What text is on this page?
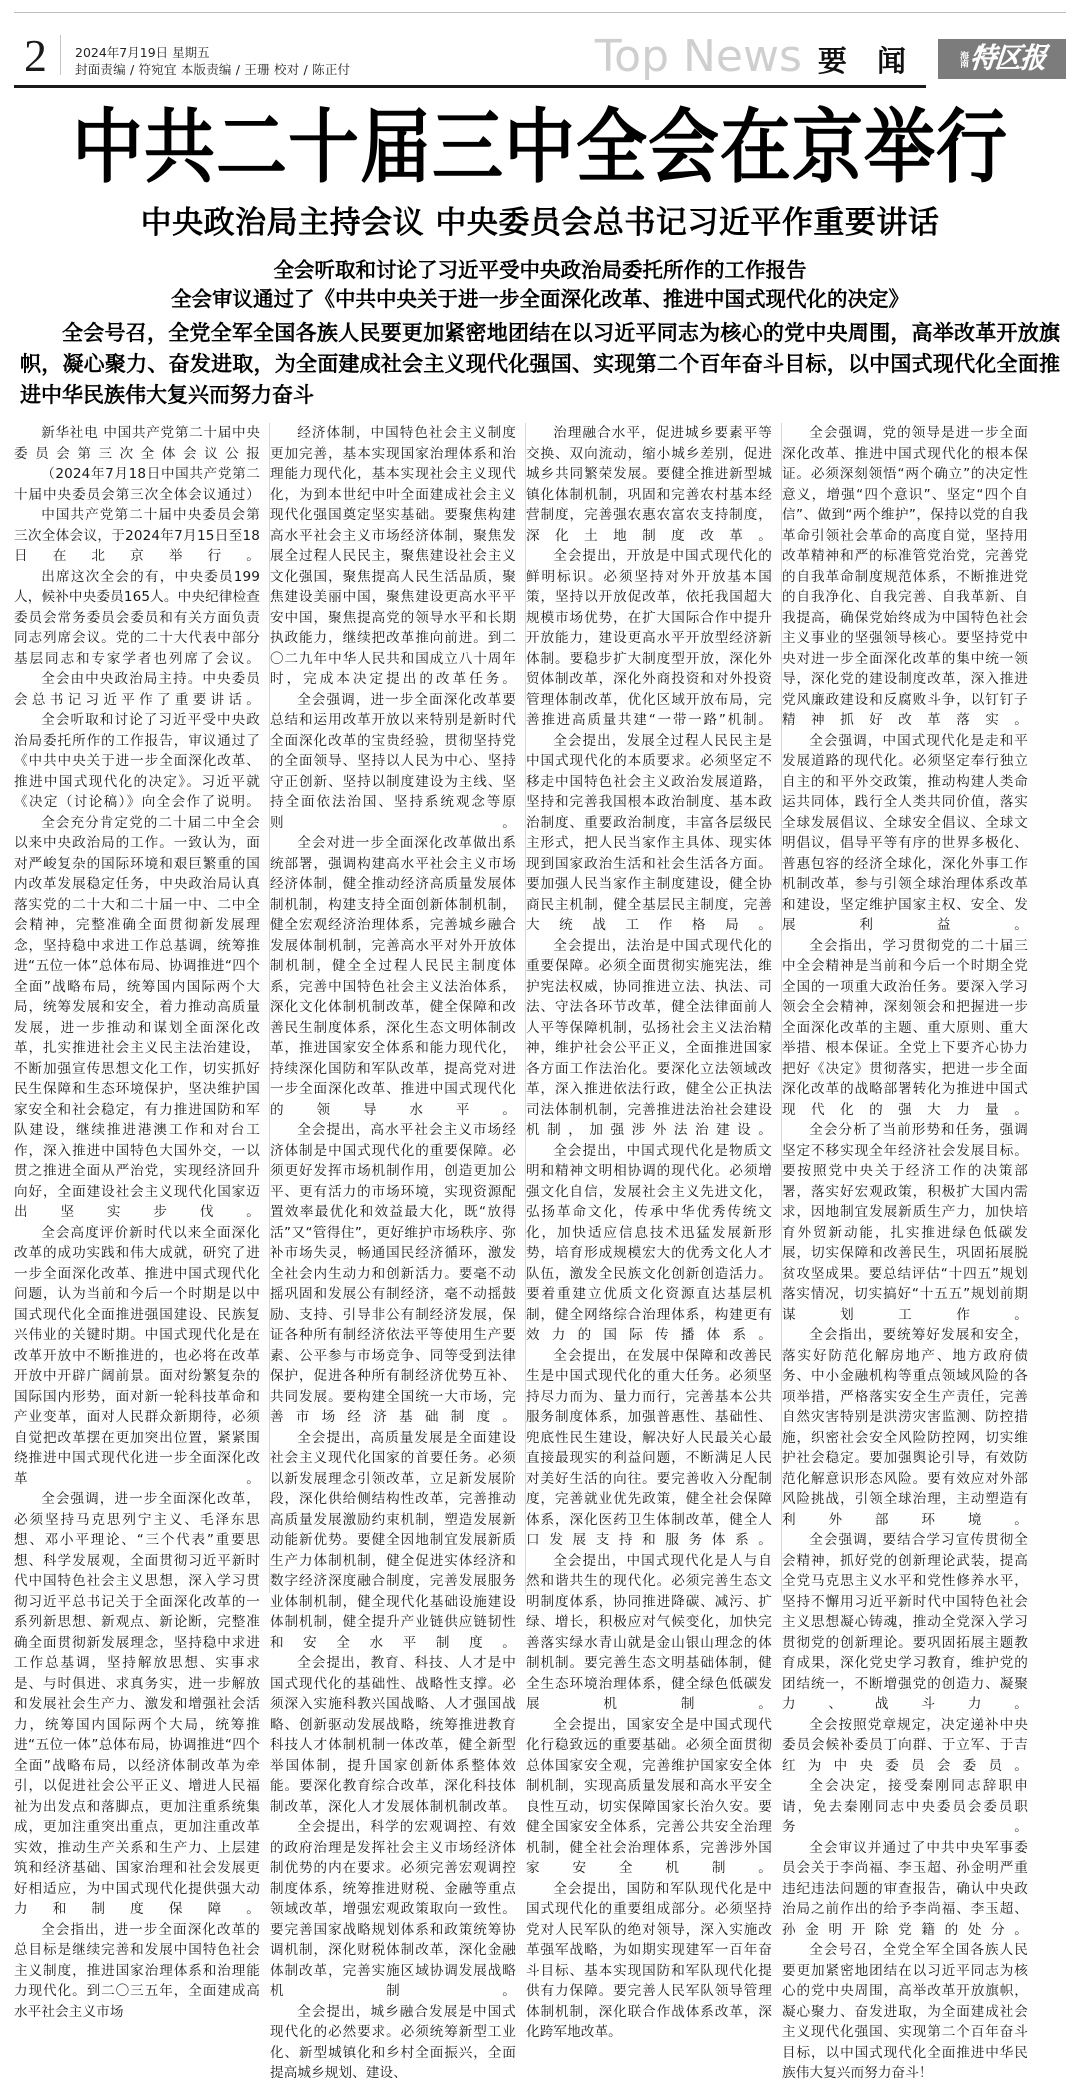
2	2024年7月19日 星期五
封面责编 / 符宛宜 本版责编 / 王珊 校对 / 陈正付	Top News 要 闻	海南 特区报
中共二十届三中全会在京举行
中央政治局主持会议 中央委员会总书记习近平作重要讲话
全会听取和讨论了习近平受中央政治局委托所作的工作报告
全会审议通过了《中共中央关于进一步全面深化改革、推进中国式现代化的决定》
全会号召，全党全军全国各族人民要更加紧密地团结在以习近平同志为核心的党中央周围，高举改革开放旗帜，凝心聚力、奋发进取，为全面建成社会主义现代化强国、实现第二个百年奋斗目标，以中国式现代化全面推进中华民族伟大复兴而努力奋斗

新华社电 中国共产党第二十届中央委员会第三次全体会议公报

（2024年7月18日中国共产党第二十届中央委员会第三次全体会议通过）

中国共产党第二十届中央委员会第三次全体会议，于2024年7月15日至18日在北京举行。

出席这次全会的有，中央委员199人，候补中央委员165人。中央纪律检查委员会常务委员会委员和有关方面负责同志列席会议。党的二十大代表中部分基层同志和专家学者也列席了会议。

全会由中央政治局主持。中央委员会总书记习近平作了重要讲话。

全会听取和讨论了习近平受中央政治局委托所作的工作报告，审议通过了《中共中央关于进一步全面深化改革、推进中国式现代化的决定》。习近平就《决定（讨论稿）》向全会作了说明。

全会充分肯定党的二十届二中全会以来中央政治局的工作。一致认为，面对严峻复杂的国际环境和艰巨繁重的国内改革发展稳定任务，中央政治局认真落实党的二十大和二十届一中、二中全会精神，完整准确全面贯彻新发展理念，坚持稳中求进工作总基调，统筹推进“五位一体”总体布局、协调推进“四个全面”战略布局，统筹国内国际两个大局，统筹发展和安全，着力推动高质量发展，进一步推动和谋划全面深化改革，扎实推进社会主义民主法治建设，不断加强宣传思想文化工作，切实抓好民生保障和生态环境保护，坚决维护国家安全和社会稳定，有力推进国防和军队建设，继续推进港澳工作和对台工作，深入推进中国特色大国外交，一以贯之推进全面从严治党，实现经济回升向好，全面建设社会主义现代化国家迈出坚实步伐。

全会高度评价新时代以来全面深化改革的成功实践和伟大成就，研究了进一步全面深化改革、推进中国式现代化问题，认为当前和今后一个时期是以中国式现代化全面推进强国建设、民族复兴伟业的关键时期。中国式现代化是在改革开放中不断推进的，也必将在改革开放中开辟广阔前景。面对纷繁复杂的国际国内形势，面对新一轮科技革命和产业变革，面对人民群众新期待，必须自觉把改革摆在更加突出位置，紧紧围绕推进中国式现代化进一步全面深化改革。

全会强调，进一步全面深化改革，必须坚持马克思列宁主义、毛泽东思想、邓小平理论、“三个代表”重要思想、科学发展观，全面贯彻习近平新时代中国特色社会主义思想，深入学习贯彻习近平总书记关于全面深化改革的一系列新思想、新观点、新论断，完整准确全面贯彻新发展理念，坚持稳中求进工作总基调，坚持解放思想、实事求是、与时俱进、求真务实，进一步解放和发展社会生产力、激发和增强社会活力，统筹国内国际两个大局，统筹推进“五位一体”总体布局，协调推进“四个全面”战略布局，以经济体制改革为牵引，以促进社会公平正义、增进人民福祉为出发点和落脚点，更加注重系统集成，更加注重突出重点，更加注重改革实效，推动生产关系和生产力、上层建筑和经济基础、国家治理和社会发展更好相适应，为中国式现代化提供强大动力和制度保障。

全会指出，进一步全面深化改革的总目标是继续完善和发展中国特色社会主义制度，推进国家治理体系和治理能力现代化。到二〇三五年，全面建成高水平社会主义市场

经济体制，中国特色社会主义制度更加完善，基本实现国家治理体系和治理能力现代化，基本实现社会主义现代化，为到本世纪中叶全面建成社会主义现代化强国奠定坚实基础。要聚焦构建高水平社会主义市场经济体制，聚焦发展全过程人民民主，聚焦建设社会主义文化强国，聚焦提高人民生活品质，聚焦建设美丽中国，聚焦建设更高水平平安中国，聚焦提高党的领导水平和长期执政能力，继续把改革推向前进。到二〇二九年中华人民共和国成立八十周年时，完成本决定提出的改革任务。

全会强调，进一步全面深化改革要总结和运用改革开放以来特别是新时代全面深化改革的宝贵经验，贯彻坚持党的全面领导、坚持以人民为中心、坚持守正创新、坚持以制度建设为主线、坚持全面依法治国、坚持系统观念等原则。

全会对进一步全面深化改革做出系统部署，强调构建高水平社会主义市场经济体制，健全推动经济高质量发展体制机制，构建支持全面创新体制机制，健全宏观经济治理体系，完善城乡融合发展体制机制，完善高水平对外开放体制机制，健全全过程人民民主制度体系，完善中国特色社会主义法治体系，深化文化体制机制改革，健全保障和改善民生制度体系，深化生态文明体制改革，推进国家安全体系和能力现代化，持续深化国防和军队改革，提高党对进一步全面深化改革、推进中国式现代化的领导水平。

全会提出，高水平社会主义市场经济体制是中国式现代化的重要保障。必须更好发挥市场机制作用，创造更加公平、更有活力的市场环境，实现资源配置效率最优化和效益最大化，既“放得活”又“管得住”，更好维护市场秩序、弥补市场失灵，畅通国民经济循环，激发全社会内生动力和创新活力。要毫不动摇巩固和发展公有制经济，毫不动摇鼓励、支持、引导非公有制经济发展，保证各种所有制经济依法平等使用生产要素、公平参与市场竞争、同等受到法律保护，促进各种所有制经济优势互补、共同发展。要构建全国统一大市场，完善市场经济基础制度。

全会提出，高质量发展是全面建设社会主义现代化国家的首要任务。必须以新发展理念引领改革，立足新发展阶段，深化供给侧结构性改革，完善推动高质量发展激励约束机制，塑造发展新动能新优势。要健全因地制宜发展新质生产力体制机制，健全促进实体经济和数字经济深度融合制度，完善发展服务业体制机制，健全现代化基础设施建设体制机制，健全提升产业链供应链韧性和安全水平制度。

全会提出，教育、科技、人才是中国式现代化的基础性、战略性支撑。必须深入实施科教兴国战略、人才强国战略、创新驱动发展战略，统筹推进教育科技人才体制机制一体改革，健全新型举国体制，提升国家创新体系整体效能。要深化教育综合改革，深化科技体制改革，深化人才发展体制机制改革。

全会提出，科学的宏观调控、有效的政府治理是发挥社会主义市场经济体制优势的内在要求。必须完善宏观调控制度体系，统筹推进财税、金融等重点领域改革，增强宏观政策取向一致性。要完善国家战略规划体系和政策统筹协调机制，深化财税体制改革，深化金融体制改革，完善实施区域协调发展战略机制。

全会提出，城乡融合发展是中国式现代化的必然要求。必须统筹新型工业化、新型城镇化和乡村全面振兴，全面提高城乡规划、建设、

治理融合水平，促进城乡要素平等交换、双向流动，缩小城乡差别，促进城乡共同繁荣发展。要健全推进新型城镇化体制机制，巩固和完善农村基本经营制度，完善强农惠农富农支持制度，深化土地制度改革。

全会提出，开放是中国式现代化的鲜明标识。必须坚持对外开放基本国策，坚持以开放促改革，依托我国超大规模市场优势，在扩大国际合作中提升开放能力，建设更高水平开放型经济新体制。要稳步扩大制度型开放，深化外贸体制改革，深化外商投资和对外投资管理体制改革，优化区域开放布局，完善推进高质量共建“一带一路”机制。

全会提出，发展全过程人民民主是中国式现代化的本质要求。必须坚定不移走中国特色社会主义政治发展道路，坚持和完善我国根本政治制度、基本政治制度、重要政治制度，丰富各层级民主形式，把人民当家作主具体、现实体现到国家政治生活和社会生活各方面。要加强人民当家作主制度建设，健全协商民主机制，健全基层民主制度，完善大统战工作格局。

全会提出，法治是中国式现代化的重要保障。必须全面贯彻实施宪法，维护宪法权威，协同推进立法、执法、司法、守法各环节改革，健全法律面前人人平等保障机制，弘扬社会主义法治精神，维护社会公平正义，全面推进国家各方面工作法治化。要深化立法领域改革，深入推进依法行政，健全公正执法司法体制机制，完善推进法治社会建设机制，加强涉外法治建设。

全会提出，中国式现代化是物质文明和精神文明相协调的现代化。必须增强文化自信，发展社会主义先进文化，弘扬革命文化，传承中华优秀传统文化，加快适应信息技术迅猛发展新形势，培育形成规模宏大的优秀文化人才队伍，激发全民族文化创新创造活力。要着重建立优质文化资源直达基层机制，健全网络综合治理体系，构建更有效力的国际传播体系。

全会提出，在发展中保障和改善民生是中国式现代化的重大任务。必须坚持尽力而为、量力而行，完善基本公共服务制度体系，加强普惠性、基础性、兜底性民生建设，解决好人民最关心最直接最现实的利益问题，不断满足人民对美好生活的向往。要完善收入分配制度，完善就业优先政策，健全社会保障体系，深化医药卫生体制改革，健全人口发展支持和服务体系。

全会提出，中国式现代化是人与自然和谐共生的现代化。必须完善生态文明制度体系，协同推进降碳、减污、扩绿、增长，积极应对气候变化，加快完善落实绿水青山就是金山银山理念的体制机制。要完善生态文明基础体制，健全生态环境治理体系，健全绿色低碳发展机制。

全会提出，国家安全是中国式现代化行稳致远的重要基础。必须全面贯彻总体国家安全观，完善维护国家安全体制机制，实现高质量发展和高水平安全良性互动，切实保障国家长治久安。要健全国家安全体系，完善公共安全治理机制，健全社会治理体系，完善涉外国家安全机制。

全会提出，国防和军队现代化是中国式现代化的重要组成部分。必须坚持党对人民军队的绝对领导，深入实施改革强军战略，为如期实现建军一百年奋斗目标、基本实现国防和军队现代化提供有力保障。要完善人民军队领导管理体制机制，深化联合作战体系改革，深化跨军地改革。

全会强调，党的领导是进一步全面深化改革、推进中国式现代化的根本保证。必须深刻领悟“两个确立”的决定性意义，增强“四个意识”、坚定“四个自信”、做到“两个维护”，保持以党的自我革命引领社会革命的高度自觉，坚持用改革精神和严的标准管党治党，完善党的自我革命制度规范体系，不断推进党的自我净化、自我完善、自我革新、自我提高，确保党始终成为中国特色社会主义事业的坚强领导核心。要坚持党中央对进一步全面深化改革的集中统一领导，深化党的建设制度改革，深入推进党风廉政建设和反腐败斗争，以钉钉子精神抓好改革落实。

全会强调，中国式现代化是走和平发展道路的现代化。必须坚定奉行独立自主的和平外交政策，推动构建人类命运共同体，践行全人类共同价值，落实全球发展倡议、全球安全倡议、全球文明倡议，倡导平等有序的世界多极化、普惠包容的经济全球化，深化外事工作机制改革，参与引领全球治理体系改革和建设，坚定维护国家主权、安全、发展利益。

全会指出，学习贯彻党的二十届三中全会精神是当前和今后一个时期全党全国的一项重大政治任务。要深入学习领会全会精神，深刻领会和把握进一步全面深化改革的主题、重大原则、重大举措、根本保证。全党上下要齐心协力把好《决定》贯彻落实，把进一步全面深化改革的战略部署转化为推进中国式现代化的强大力量。

全会分析了当前形势和任务，强调坚定不移实现全年经济社会发展目标。要按照党中央关于经济工作的决策部署，落实好宏观政策，积极扩大国内需求，因地制宜发展新质生产力，加快培育外贸新动能，扎实推进绿色低碳发展，切实保障和改善民生，巩固拓展脱贫攻坚成果。要总结评估“十四五”规划落实情况，切实搞好“十五五”规划前期谋划工作。

全会指出，要统筹好发展和安全，落实好防范化解房地产、地方政府债务、中小金融机构等重点领域风险的各项举措，严格落实安全生产责任，完善自然灾害特别是洪涝灾害监测、防控措施，织密社会安全风险防控网，切实维护社会稳定。要加强舆论引导，有效防范化解意识形态风险。要有效应对外部风险挑战，引领全球治理，主动塑造有利外部环境。

全会强调，要结合学习宣传贯彻全会精神，抓好党的创新理论武装，提高全党马克思主义水平和党性修养水平，坚持不懈用习近平新时代中国特色社会主义思想凝心铸魂，推动全党深入学习贯彻党的创新理论。要巩固拓展主题教育成果，深化党史学习教育，维护党的团结统一，不断增强党的创造力、凝聚力、战斗力。

全会按照党章规定，决定递补中央委员会候补委员丁向群、于立军、于吉红为中央委员会委员。

全会决定，接受秦刚同志辞职申请，免去秦刚同志中央委员会委员职务。

全会审议并通过了中共中央军事委员会关于李尚福、李玉超、孙金明严重违纪违法问题的审查报告，确认中央政治局之前作出的给予李尚福、李玉超、孙金明开除党籍的处分。

全会号召，全党全军全国各族人民要更加紧密地团结在以习近平同志为核心的党中央周围，高举改革开放旗帜，凝心聚力、奋发进取，为全面建成社会主义现代化强国、实现第二个百年奋斗目标，以中国式现代化全面推进中华民族伟大复兴而努力奋斗！
